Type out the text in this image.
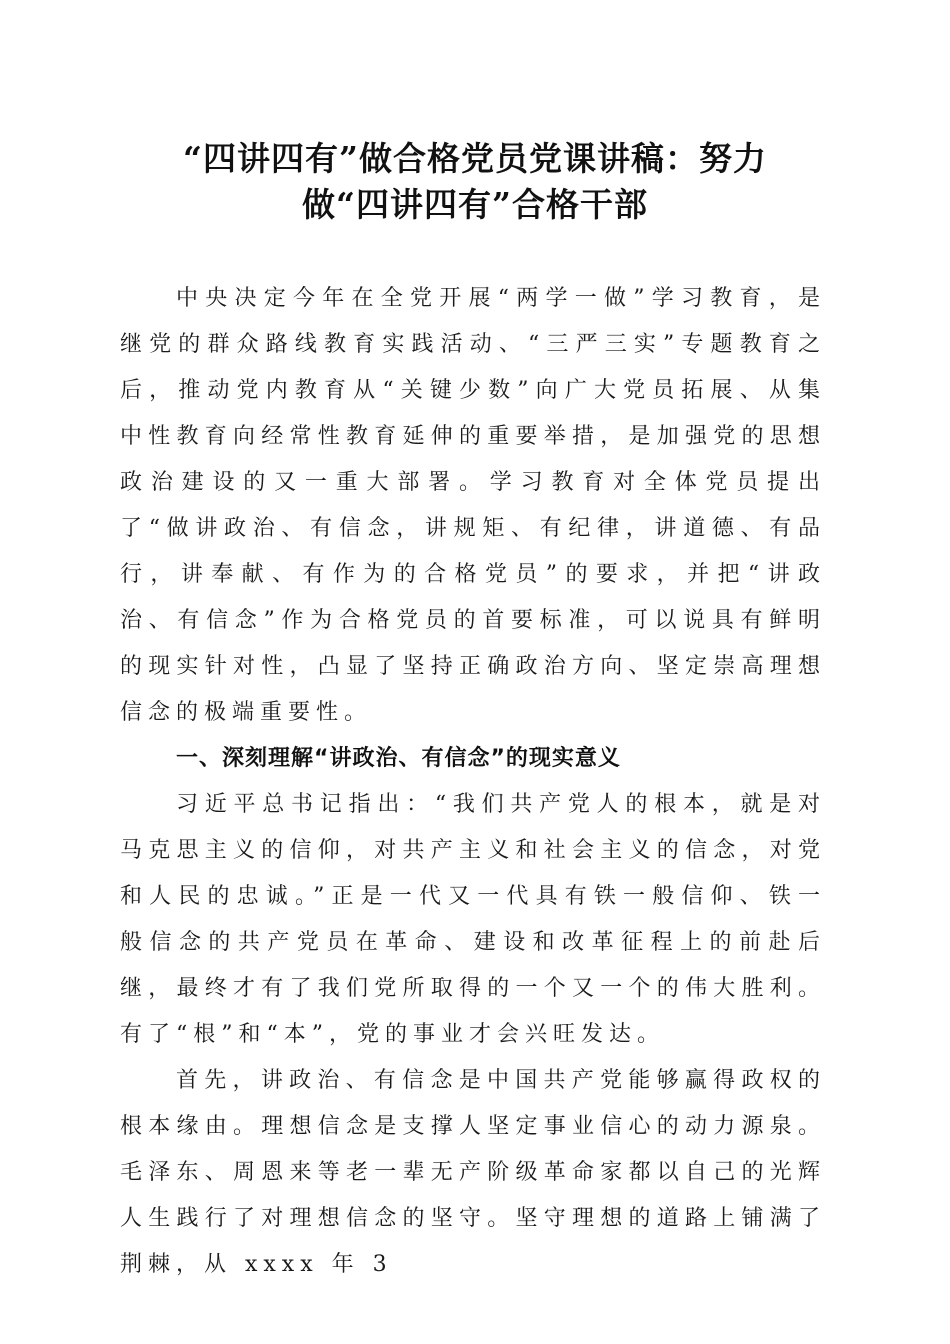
“四讲四有”做合格党员党课讲稿：努力
做“四讲四有”合格干部

中央决定今年在全党开展“两学一做”学习教育，是继党的群众路线教育实践活动、“三严三实”专题教育之后，推动党内教育从“关键少数”向广大党员拓展、从集中性教育向经常性教育延伸的重要举措，是加强党的思想政治建设的又一重大部署。学习教育对全体党员提出了“做讲政治、有信念，讲规矩、有纪律，讲道德、有品行，讲奉献、有作为的合格党员”的要求，并把“讲政治、有信念”作为合格党员的首要标准，可以说具有鲜明的现实针对性，凸显了坚持正确政治方向、坚定崇高理想信念的极端重要性。

一、深刻理解“讲政治、有信念”的现实意义

习近平总书记指出：“我们共产党人的根本，就是对马克思主义的信仰，对共产主义和社会主义的信念，对党和人民的忠诚。”正是一代又一代具有铁一般信仰、铁一般信念的共产党员在革命、建设和改革征程上的前赴后继，最终才有了我们党所取得的一个又一个的伟大胜利。有了“根”和“本”，党的事业才会兴旺发达。

首先，讲政治、有信念是中国共产党能够赢得政权的根本缘由。理想信念是支撑人坚定事业信心的动力源泉。毛泽东、周恩来等老一辈无产阶级革命家都以自己的光辉人生践行了对理想信念的坚守。坚守理想的道路上铺满了荆棘，从 xxxx 年 3
